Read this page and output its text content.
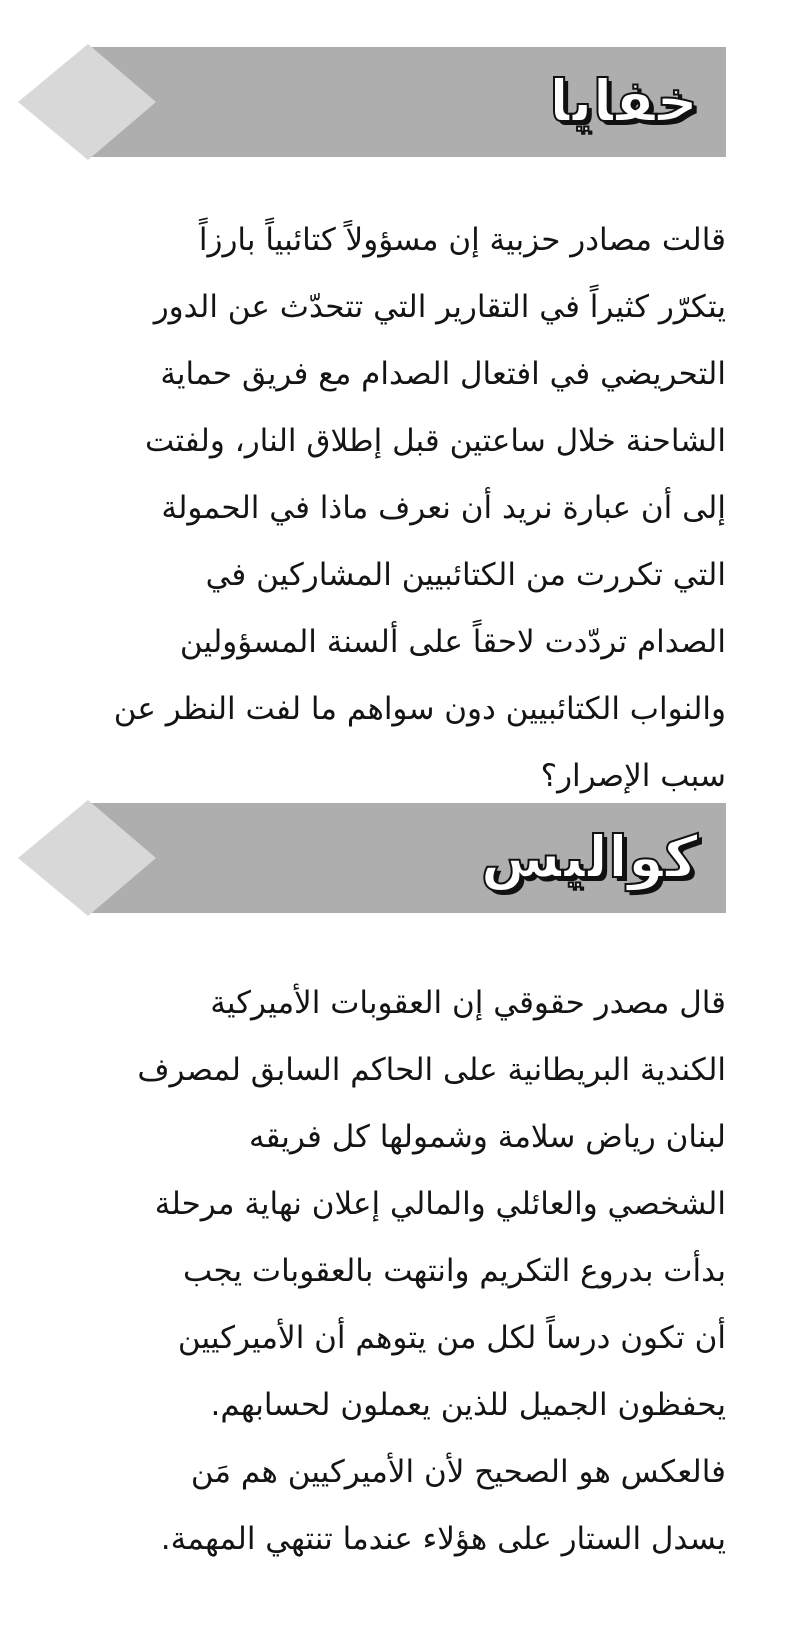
خفايا
قالت مصادر حزبية إن مسؤولاً كتائبياً بارزاً
يتكرّر كثيراً في التقارير التي تتحدّث عن الدور
التحريضي في افتعال الصدام مع فريق حماية
الشاحنة خلال ساعتين قبل إطلاق النار، ولفتت
إلى أن عبارة نريد أن نعرف ماذا في الحمولة
التي تكررت من الكتائبيين المشاركين في
الصدام تردّدت لاحقاً على ألسنة المسؤولين
والنواب الكتائبيين دون سواهم ما لفت النظر عن
سبب الإصرار؟
كواليس
قال مصدر حقوقي إن العقوبات الأميركية
الكندية البريطانية على الحاكم السابق لمصرف
لبنان رياض سلامة وشمولها كل فريقه
الشخصي والعائلي والمالي إعلان نهاية مرحلة
بدأت بدروع التكريم وانتهت بالعقوبات يجب
أن تكون درساً لكل من يتوهم أن الأميركيين
يحفظون الجميل للذين يعملون لحسابهم.
فالعكس هو الصحيح لأن الأميركيين هم مَن
يسدل الستار على هؤلاء عندما تنتهي المهمة.
